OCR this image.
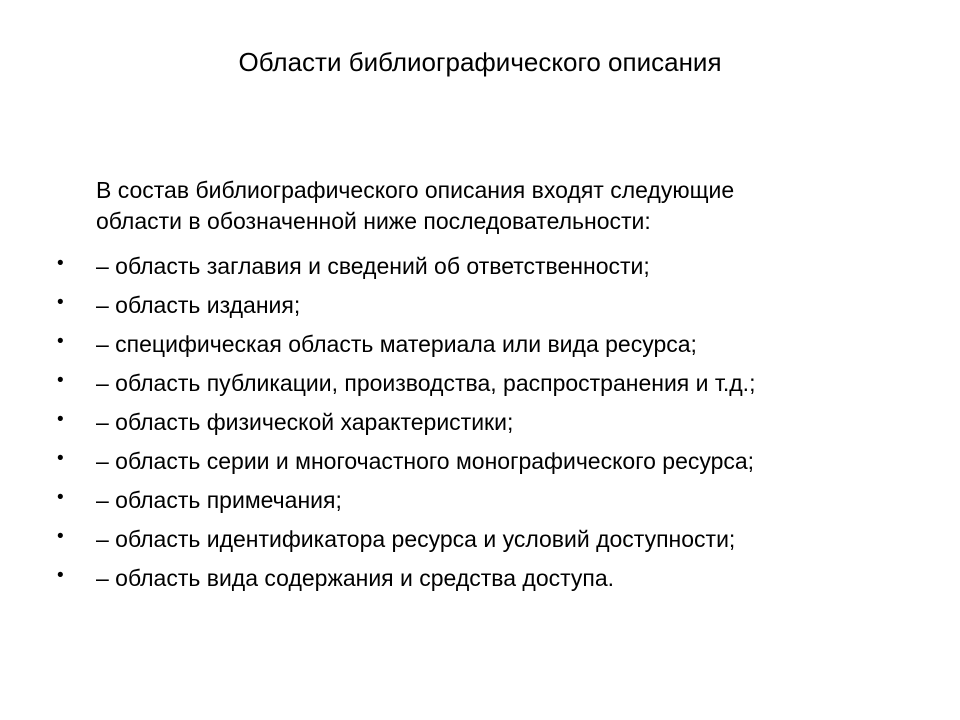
Области библиографического описания

В состав библиографического описания входят следующие
области в обозначенной ниже последовательности:

• – область заглавия и сведений об ответственности;
• – область издания;
• – специфическая область материала или вида ресурса;
• – область публикации, производства, распространения и т.д.;
• – область физической характеристики;
• – область серии и многочастного монографического ресурса;
• – область примечания;
• – область идентификатора ресурса и условий доступности;
• – область вида содержания и средства доступа.
